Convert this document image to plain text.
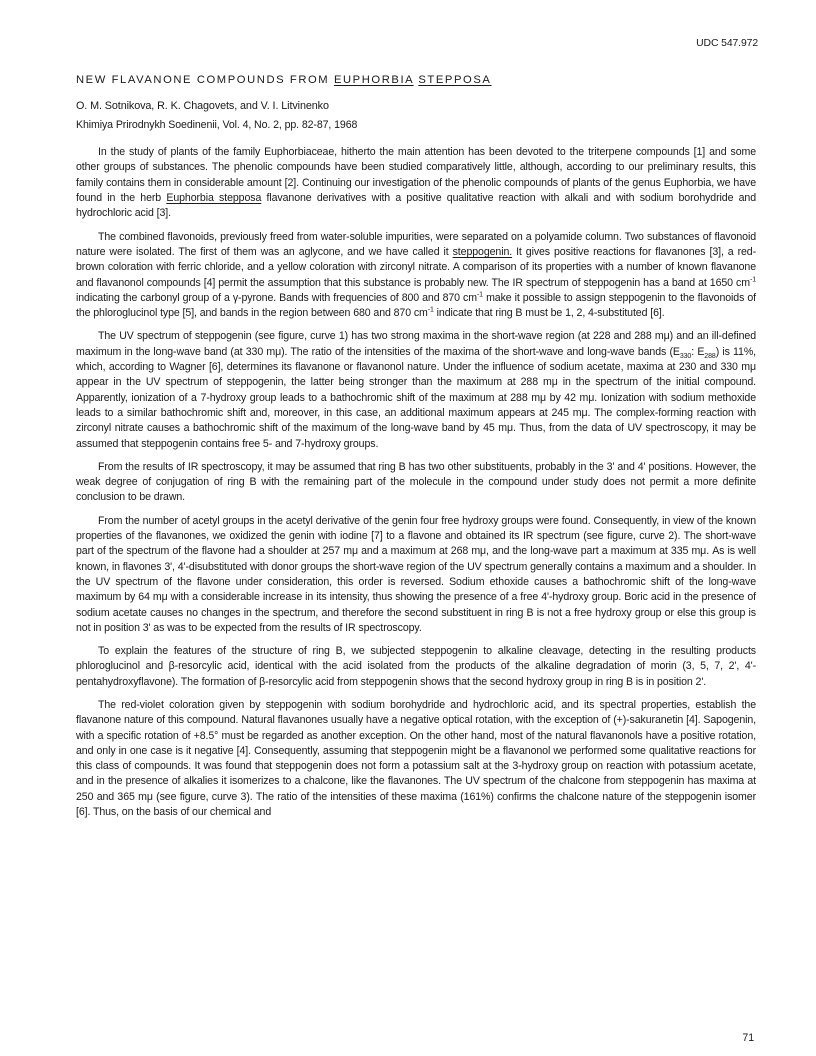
UDC 547.972
NEW FLAVANONE COMPOUNDS FROM EUPHORBIA STEPPOSA
O. M. Sotnikova, R. K. Chagovets, and V. I. Litvinenko
Khimiya Prirodnykh Soedinenii, Vol. 4, No. 2, pp. 82-87, 1968

In the study of plants of the family Euphorbiaceae, hitherto the main attention has been devoted to the triterpene compounds [1] and some other groups of substances. The phenolic compounds have been studied comparatively little, although, according to our preliminary results, this family contains them in considerable amount [2]. Continuing our investigation of the phenolic compounds of plants of the genus Euphorbia, we have found in the herb Euphorbia stepposa flavanone derivatives with a positive qualitative reaction with alkali and with sodium borohydride and hydrochloric acid [3].

The combined flavonoids, previously freed from water-soluble impurities, were separated on a polyamide column. Two substances of flavonoid nature were isolated. The first of them was an aglycone, and we have called it steppogenin. It gives positive reactions for flavanones [3], a red-brown coloration with ferric chloride, and a yellow coloration with zirconyl nitrate. A comparison of its properties with a number of known flavanone and flavanonol compounds [4] permit the assumption that this substance is probably new. The IR spectrum of steppogenin has a band at 1650 $cm^{-1}$ indicating the carbonyl group of a γ-pyrone. Bands with frequencies of 800 and 870 $cm^{-1}$ make it possible to assign steppogenin to the flavonoids of the phloroglucinol type [5], and bands in the region between 680 and 870 $cm^{-1}$ indicate that ring B must be 1, 2, 4-substituted [6].

The UV spectrum of steppogenin (see figure, curve 1) has two strong maxima in the short-wave region (at 228 and 288 mμ) and an ill-defined maximum in the long-wave band (at 330 mμ). The ratio of the intensities of the maxima of the short-wave and long-wave bands ($E_{330}$: $E_{288}$) is 11%, which, according to Wagner [6], determines its flavanone or flavanonol nature. Under the influence of sodium acetate, maxima at 230 and 330 mμ appear in the UV spectrum of steppogenin, the latter being stronger than the maximum at 288 mμ in the spectrum of the initial compound. Apparently, ionization of a 7-hydroxy group leads to a bathochromic shift of the maximum at 288 mμ by 42 mμ. Ionization with sodium methoxide leads to a similar bathochromic shift and, moreover, in this case, an additional maximum appears at 245 mμ. The complex-forming reaction with zirconyl nitrate causes a bathochromic shift of the maximum of the long-wave band by 45 mμ. Thus, from the data of UV spectroscopy, it may be assumed that steppogenin contains free 5- and 7-hydroxy groups.

From the results of IR spectroscopy, it may be assumed that ring B has two other substituents, probably in the 3' and 4' positions. However, the weak degree of conjugation of ring B with the remaining part of the molecule in the compound under study does not permit a more definite conclusion to be drawn.

From the number of acetyl groups in the acetyl derivative of the genin four free hydroxy groups were found. Consequently, in view of the known properties of the flavanones, we oxidized the genin with iodine [7] to a flavone and obtained its IR spectrum (see figure, curve 2). The short-wave part of the spectrum of the flavone had a shoulder at 257 mμ and a maximum at 268 mμ, and the long-wave part a maximum at 335 mμ. As is well known, in flavones 3', 4'-disubstituted with donor groups the short-wave region of the UV spectrum generally contains a maximum and a shoulder. In the UV spectrum of the flavone under consideration, this order is reversed. Sodium ethoxide causes a bathochromic shift of the long-wave maximum by 64 mμ with a considerable increase in its intensity, thus showing the presence of a free 4'-hydroxy group. Boric acid in the presence of sodium acetate causes no changes in the spectrum, and therefore the second substituent in ring B is not a free hydroxy group or else this group is not in position 3' as was to be expected from the results of IR spectroscopy.

To explain the features of the structure of ring B, we subjected steppogenin to alkaline cleavage, detecting in the resulting products phloroglucinol and β-resorcylic acid, identical with the acid isolated from the products of the alkaline degradation of morin (3, 5, 7, 2', 4'-pentahydroxyflavone). The formation of β-resorcylic acid from steppogenin shows that the second hydroxy group in ring B is in position 2'.

The red-violet coloration given by steppogenin with sodium borohydride and hydrochloric acid, and its spectral properties, establish the flavanone nature of this compound. Natural flavanones usually have a negative optical rotation, with the exception of (+)-sakuranetin [4]. Sapogenin, with a specific rotation of +8.5° must be regarded as another exception. On the other hand, most of the natural flavanonols have a positive rotation, and only in one case is it negative [4]. Consequently, assuming that steppogenin might be a flavanonol we performed some qualitative reactions for this class of compounds. It was found that steppogenin does not form a potassium salt at the 3-hydroxy group on reaction with potassium acetate, and in the presence of alkalies it isomerizes to a chalcone, like the flavanones. The UV spectrum of the chalcone from steppogenin has maxima at 250 and 365 mμ (see figure, curve 3). The ratio of the intensities of these maxima (161%) confirms the chalcone nature of the steppogenin isomer [6]. Thus, on the basis of our chemical and

71
